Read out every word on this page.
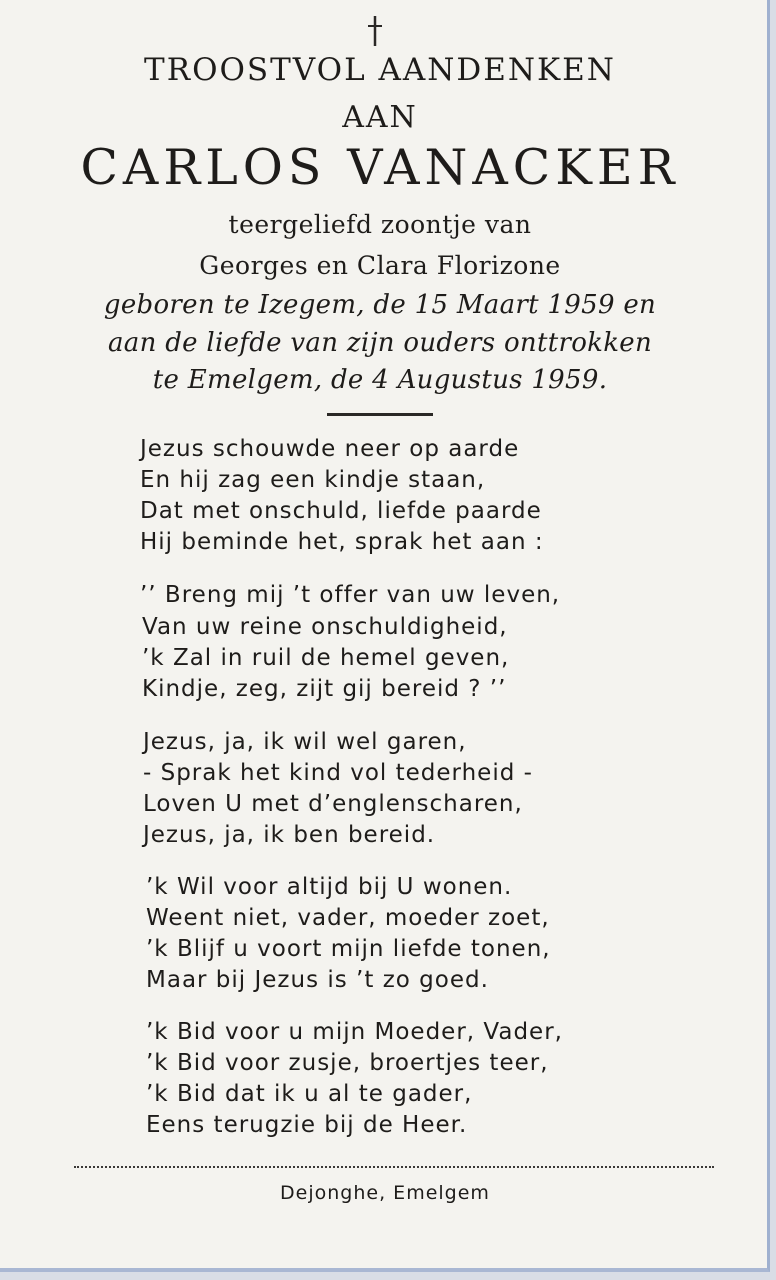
TROOSTVOL AANDENKEN
AAN
CARLOS VANACKER
teergeliefd zoontje van
Georges en Clara Florizone
geboren te Izegem, de 15 Maart 1959 en
aan de liefde van zijn ouders onttrokken
te Emelgem, de 4 Augustus 1959.
Jezus schouwde neer op aarde
En hij zag een kindje staan,
Dat met onschuld, liefde paarde
Hij beminde het, sprak het aan :
’’ Breng mij ’t offer van uw leven,
Van uw reine onschuldigheid,
’k Zal in ruil de hemel geven,
Kindje, zeg, zijt gij bereid ? ’’
Jezus, ja, ik wil wel garen,
- Sprak het kind vol tederheid -
Loven U met d’englenscharen,
Jezus, ja, ik ben bereid.
’k Wil voor altijd bij U wonen.
Weent niet, vader, moeder zoet,
’k Blijf u voort mijn liefde tonen,
Maar bij Jezus is ’t zo goed.
’k Bid voor u mijn Moeder, Vader,
’k Bid voor zusje, broertjes teer,
’k Bid dat ik u al te gader,
Eens terugzie bij de Heer.
Dejonghe, Emelgem
